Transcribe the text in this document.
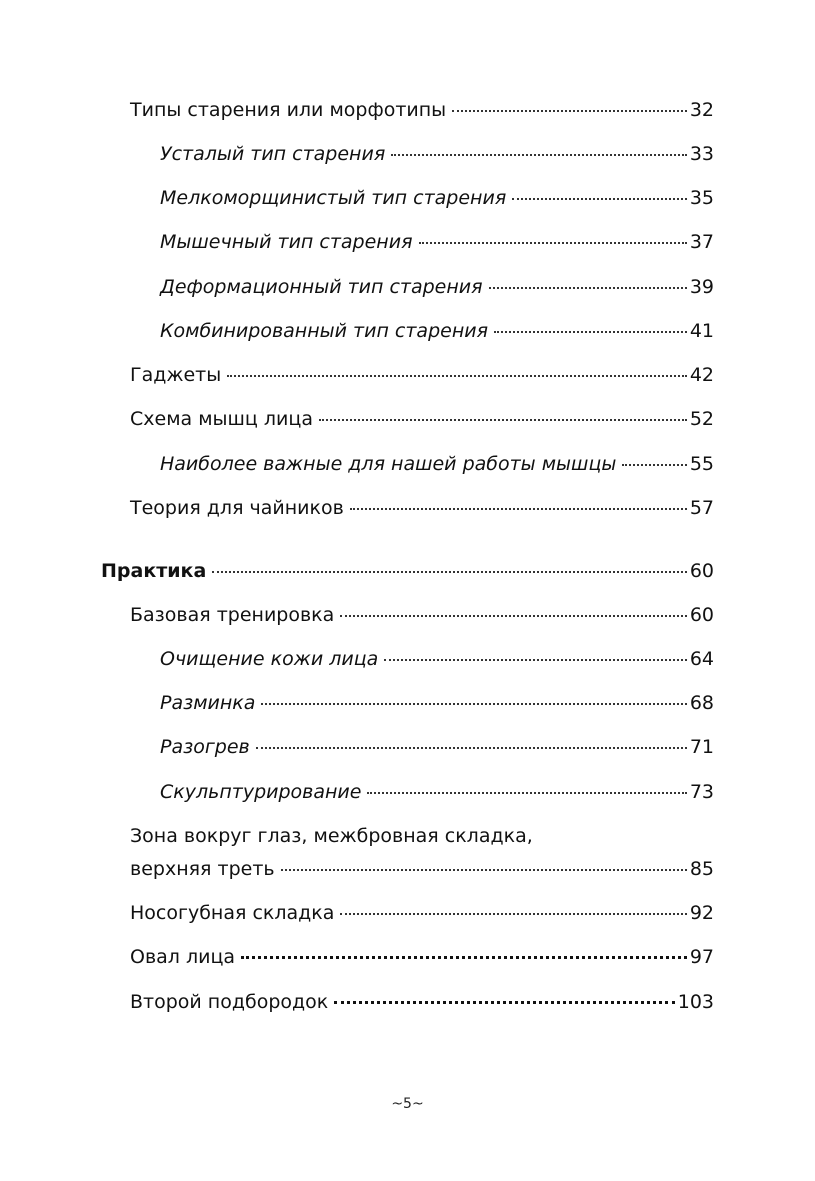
Типы старения или морфотипы	32
Усталый тип старения	33
Мелкоморщинистый тип старения	35
Мышечный тип старения	37
Деформационный тип старения	39
Комбинированный тип старения	41
Гаджеты	42
Схема мышц лица	52
Наиболее важные для нашей работы мышцы	55
Теория для чайников	57
Практика	60
Базовая тренировка	60
Очищение кожи лица	64
Разминка	68
Разогрев	71
Скульптурирование	73
Зона вокруг глаз, межбровная складка,
верхняя треть	85
Носогубная складка	92
Овал лица	97
Второй подбородок	103
~5~
